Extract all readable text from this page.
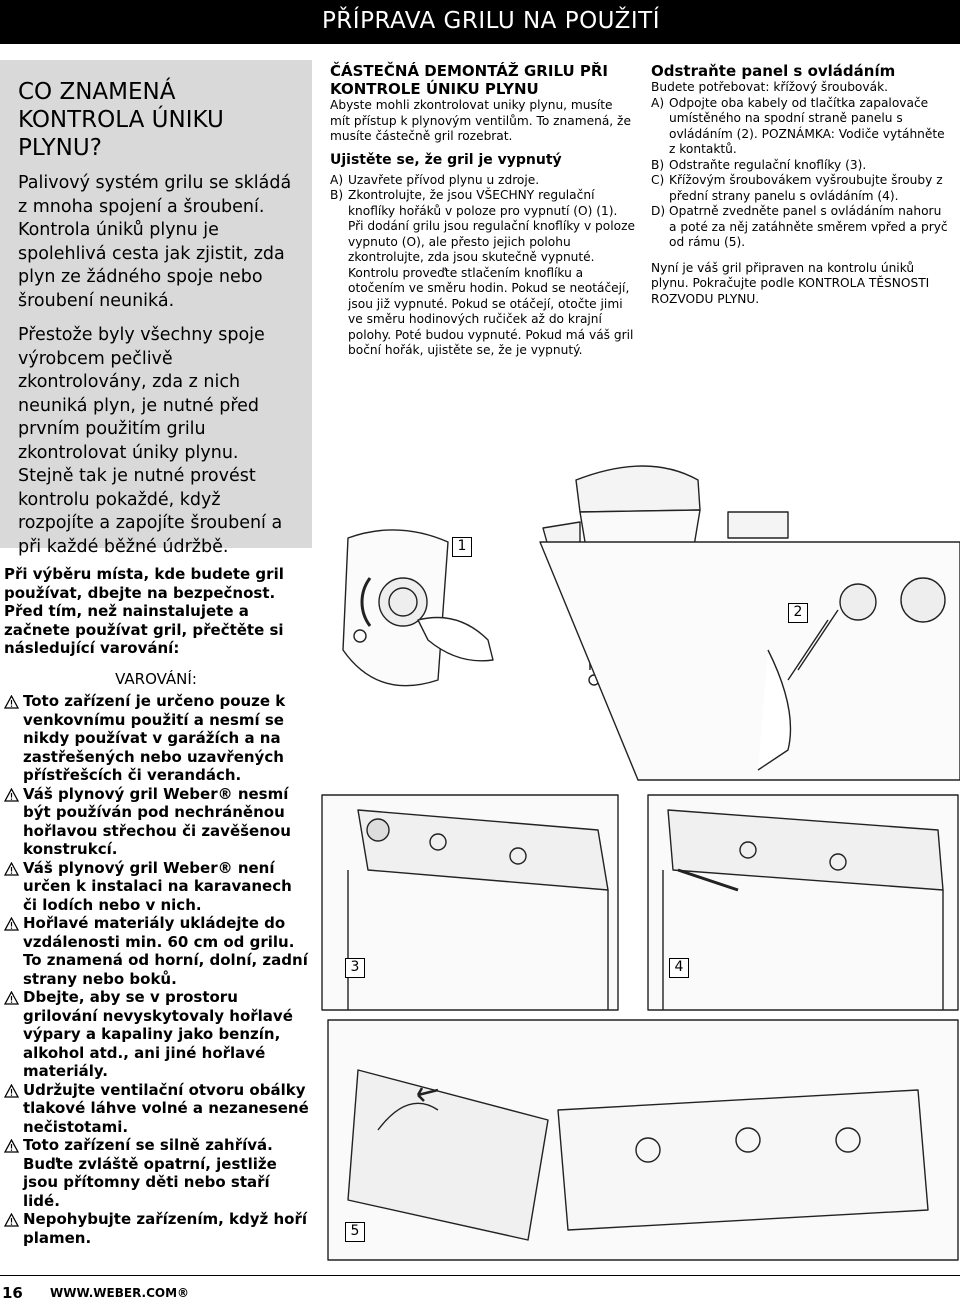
PŘÍPRAVA GRILU NA POUŽITÍ
CO ZNAMENÁ KONTROLA ÚNIKU PLYNU?

Palivový systém grilu se skládá z mnoha spojení a šroubení. Kontrola úniků plynu je spolehlivá cesta jak zjistit, zda plyn ze žádného spoje nebo šroubení neuniká.

Přestože byly všechny spoje výrobcem pečlivě zkontrolovány, zda z nich neuniká plyn, je nutné před prvním použitím grilu zkontrolovat úniky plynu. Stejně tak je nutné provést kontrolu pokaždé, když rozpojíte a zapojíte šroubení a při každé běžné údržbě.

Při výběru místa, kde budete gril používat, dbejte na bezpečnost. Před tím, než nainstalujete a začnete používat gril, přečtěte si následující varování:

VAROVÁNÍ:
Toto zařízení je určeno pouze k venkovnímu použití a nesmí se nikdy používat v garážích a na zastřešených nebo uzavřených přístřešcích či verandách.
Váš plynový gril Weber® nesmí být používán pod nechráněnou hořlavou střechou či zavěšenou konstrukcí.
Váš plynový gril Weber® není určen k instalaci na karavanech či lodích nebo v nich.
Hořlavé materiály ukládejte do vzdálenosti min. 60 cm od grilu. To znamená od horní, dolní, zadní strany nebo boků.
Dbejte, aby se v prostoru grilování nevyskytovaly hořlavé výpary a kapaliny jako benzín, alkohol atd., ani jiné hořlavé materiály.
Udržujte ventilační otvoru obálky tlakové láhve volné a nezanesené nečistotami.
Toto zařízení se silně zahřívá. Buďte zvláště opatrní, jestliže jsou přítomny děti nebo staří lidé.
Nepohybujte zařízením, když hoří plamen.
ČÁSTEČNÁ DEMONTÁŽ GRILU PŘI KONTROLE ÚNIKU PLYNU

Abyste mohli zkontrolovat uniky plynu, musíte mít přístup k plynovým ventilům. To znamená, že musíte částečně gril rozebrat.

Ujistěte se, že gril je vypnutý
A) Uzavřete přívod plynu u zdroje.
B) Zkontrolujte, že jsou VŠECHNY regulační knoflíky hořáků v poloze pro vypnutí (O) (1). Při dodání grilu jsou regulační knoflíky v poloze vypnuto (O), ale přesto jejich polohu zkontrolujte, zda jsou skutečně vypnuté. Kontrolu proveďte stlačením knoflíku a otočením ve směru hodin. Pokud se neotáčejí, jsou již vypnuté. Pokud se otáčejí, otočte jimi ve směru hodinových ručiček až do krajní polohy. Poté budou vypnuté. Pokud má váš gril boční hořák, ujistěte se, že je vypnutý.
Odstraňte panel s ovládáním

Budete potřebovat: křížový šroubovák.

A) Odpojte oba kabely od tlačítka zapalovače umístěného na spodní straně panelu s ovládáním (2). POZNÁMKA: Vodiče vytáhněte z kontaktů.
B) Odstraňte regulační knoflíky (3).
C) Křížovým šroubovákem vyšroubujte šrouby z přední strany panelu s ovládáním (4).
D) Opatrně zvedněte panel s ovládáním nahoru a poté za něj zatáhněte směrem vpřed a pryč od rámu (5).

Nyní je váš gril připraven na kontrolu úniků plynu. Pokračujte podle KONTROLA TĚSNOSTI ROZVODU PLYNU.

1
2
3	4
5
16 WWW.WEBER.COM®
